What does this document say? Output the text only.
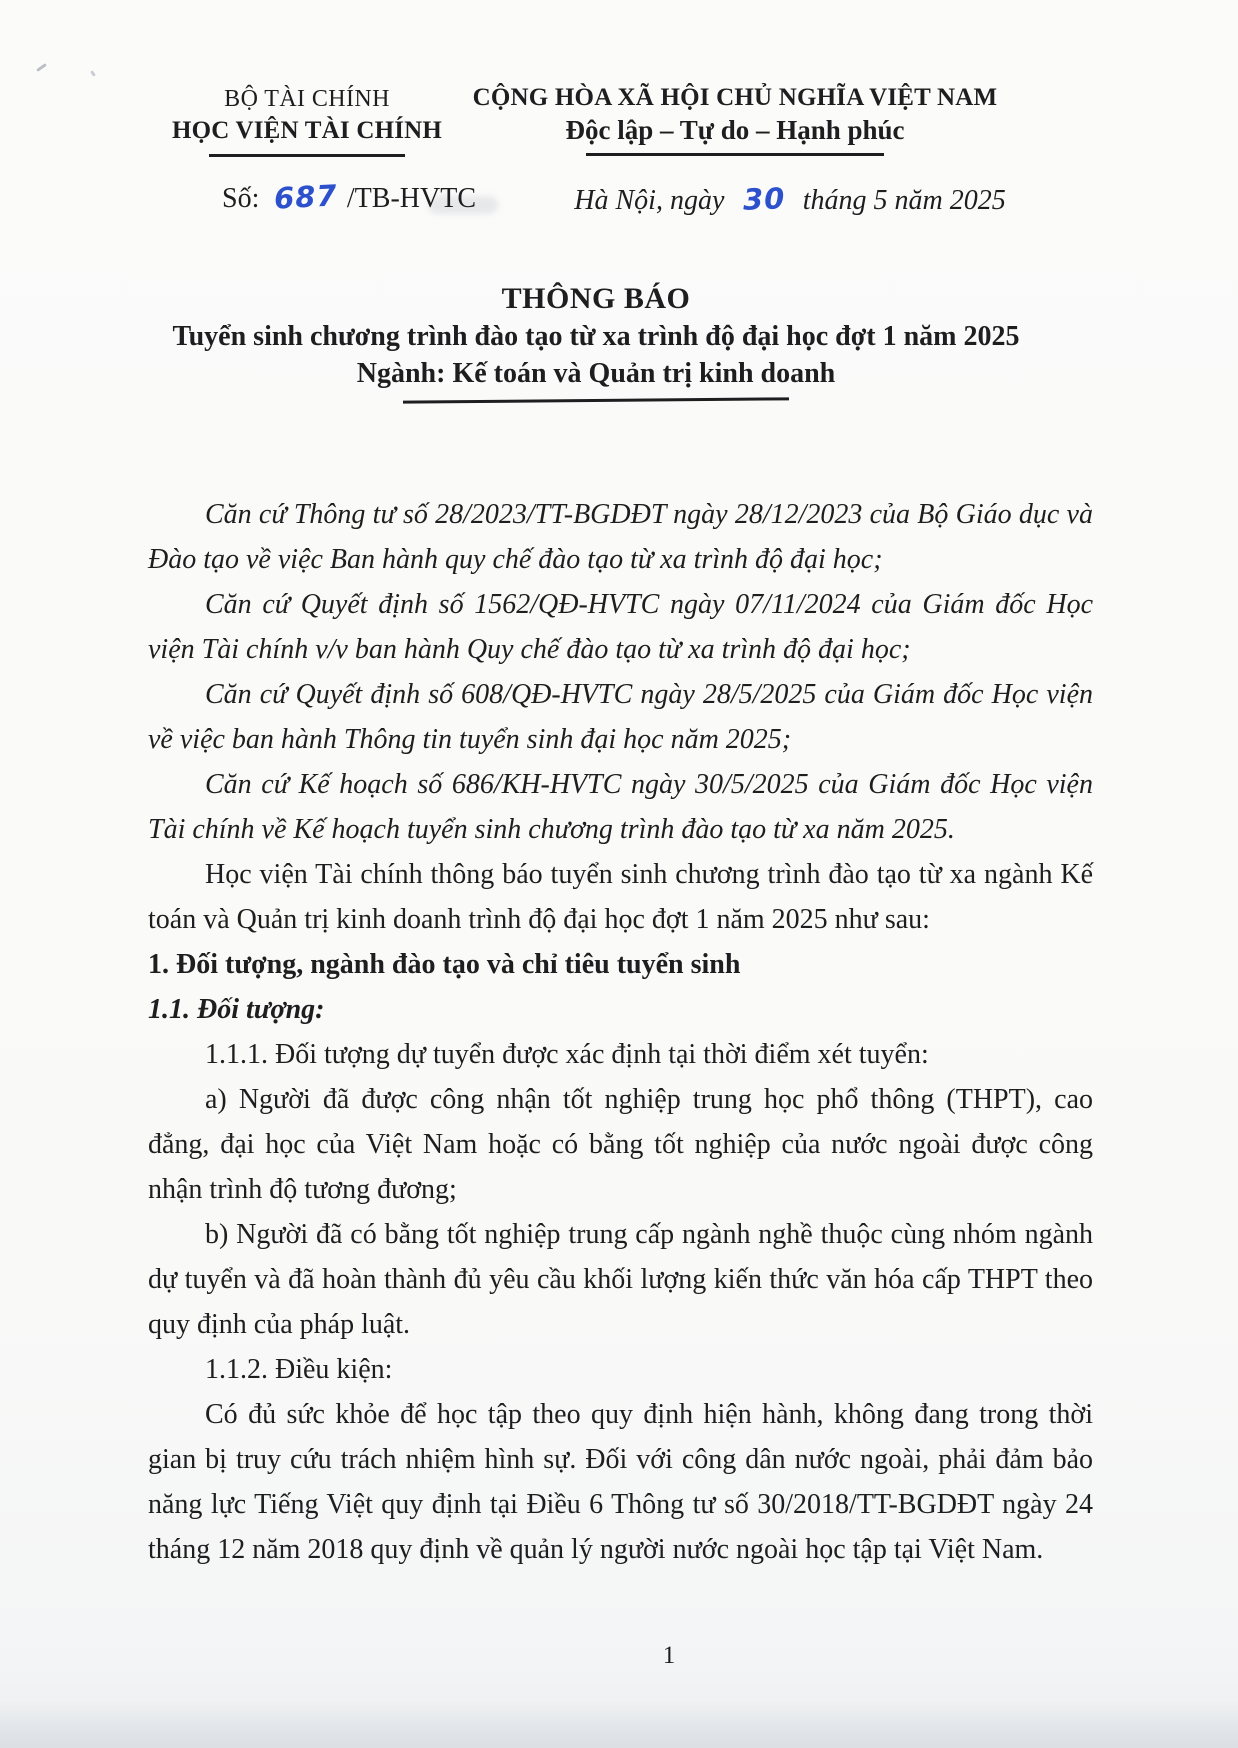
BỘ TÀI CHÍNH
HỌC VIỆN TÀI CHÍNH
CỘNG HÒA XÃ HỘI CHỦ NGHĨA VIỆT NAM
Độc lập – Tự do – Hạnh phúc
Số: 687 /TB-HVTC	Hà Nội, ngày 30 tháng 5 năm 2025
THÔNG BÁO
Tuyển sinh chương trình đào tạo từ xa trình độ đại học đợt 1 năm 2025
Ngành: Kế toán và Quản trị kinh doanh

Căn cứ Thông tư số 28/2023/TT-BGDĐT ngày 28/12/2023 của Bộ Giáo dục và Đào tạo về việc Ban hành quy chế đào tạo từ xa trình độ đại học;

Căn cứ Quyết định số 1562/QĐ-HVTC ngày 07/11/2024 của Giám đốc Học viện Tài chính v/v ban hành Quy chế đào tạo từ xa trình độ đại học;

Căn cứ Quyết định số 608/QĐ-HVTC ngày 28/5/2025 của Giám đốc Học viện về việc ban hành Thông tin tuyển sinh đại học năm 2025;

Căn cứ Kế hoạch số 686/KH-HVTC ngày 30/5/2025 của Giám đốc Học viện Tài chính về Kế hoạch tuyển sinh chương trình đào tạo từ xa năm 2025.

Học viện Tài chính thông báo tuyển sinh chương trình đào tạo từ xa ngành Kế toán và Quản trị kinh doanh trình độ đại học đợt 1 năm 2025 như sau:

1. Đối tượng, ngành đào tạo và chỉ tiêu tuyển sinh

1.1. Đối tượng:

1.1.1. Đối tượng dự tuyển được xác định tại thời điểm xét tuyển:

a) Người đã được công nhận tốt nghiệp trung học phổ thông (THPT), cao đẳng, đại học của Việt Nam hoặc có bằng tốt nghiệp của nước ngoài được công nhận trình độ tương đương;

b) Người đã có bằng tốt nghiệp trung cấp ngành nghề thuộc cùng nhóm ngành dự tuyển và đã hoàn thành đủ yêu cầu khối lượng kiến thức văn hóa cấp THPT theo quy định của pháp luật.

1.1.2. Điều kiện:

Có đủ sức khỏe để học tập theo quy định hiện hành, không đang trong thời gian bị truy cứu trách nhiệm hình sự. Đối với công dân nước ngoài, phải đảm bảo năng lực Tiếng Việt quy định tại Điều 6 Thông tư số 30/2018/TT-BGDĐT ngày 24 tháng 12 năm 2018 quy định về quản lý người nước ngoài học tập tại Việt Nam.

1
